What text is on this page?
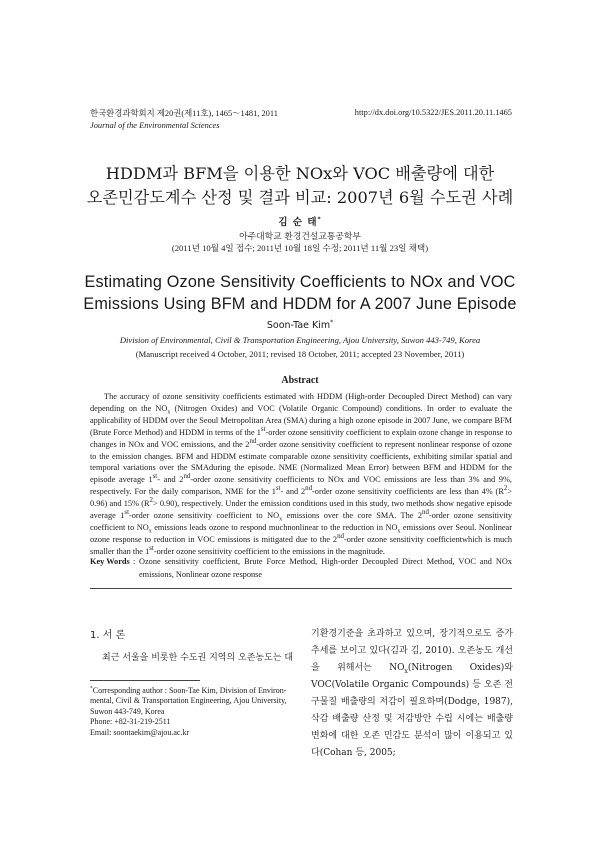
한국환경과학회지 제20권(제11호), 1465～1481, 2011
Journal of the Environmental Sciences
http://dx.doi.org/10.5322/JES.2011.20.11.1465
HDDM과 BFM을 이용한 NOx와 VOC 배출량에 대한
오존민감도계수 산정 및 결과 비교: 2007년 6월 수도권 사례
김 순 태*
아주대학교 환경건설교통공학부
(2011년 10월 4일 접수; 2011년 10월 18일 수정; 2011년 11월 23일 채택)
Estimating Ozone Sensitivity Coefficients to NOx and VOC
Emissions Using BFM and HDDM for A 2007 June Episode
Soon-Tae Kim*
Division of Environmental, Civil & Transportation Engineering, Ajou University, Suwon 443-749, Korea
(Manuscript received 4 October, 2011; revised 18 October, 2011; accepted 23 November, 2011)
Abstract
The accuracy of ozone sensitivity coefficients estimated with HDDM (High-order Decoupled Direct Method) can vary depending on the $NO_x$ (Nitrogen Oxides) and VOC (Volatile Organic Compound) conditions. In order to evaluate the applicability of HDDM over the Seoul Metropolitan Area (SMA) during a high ozone episode in 2007 June, we compare BFM (Brute Force Method) and HDDM in terms of the 1st-order ozone sensitivity coefficient to explain ozone change in response to changes in NOx and VOC emissions, and the 2nd-order ozone sensitivity coefficient to represent nonlinear response of ozone to the emission changes. BFM and HDDM estimate comparable ozone sensitivity coefficients, exhibiting similar spatial and temporal variations over the SMAduring the episode. NME (Normalized Mean Error) between BFM and HDDM for the episode average 1st- and 2nd-order ozone sensitivity coefficients to NOx and VOC emissions are less than 3% and 9%, respectively. For the daily comparison, NME for the 1st- and 2nd-order ozone sensitivity coefficients are less than 4% $(R^2> 0.96)$ and 15% $(R^2> 0.90)$, respectively. Under the emission conditions used in this study, two methods show negative episode average 1st-order ozone sensitivity coefficient to $NO_x$ emissions over the core SMA. The 2nd-order ozone sensitivity coefficient to $NO_x$ emissions leads ozone to respond muchnonlinear to the reduction in $NO_x$ emissions over Seoul. Nonlinear ozone response to reduction in VOC emissions is mitigated due to the 2nd-order ozone sensitivity coefficientwhich is much smaller than the 1st-order ozone sensitivity coefficient to the emissions in the magnitude.
Key Words : Ozone sensitivity coefficient, Brute Force Method, High-order Decoupled Direct Method, VOC and NOx emissions, Nonlinear ozone response
1. 서 론
최근 서울을 비롯한 수도권 지역의 오존농도는 대
*Corresponding author : Soon-Tae Kim, Division of Environ-mental, Civil & Transportation Engineering, Ajou University, Suwon 443-749, Korea
Phone: +82-31-219-2511
Email: soontaekim@ajou.ac.kr
기환경기준을 초과하고 있으며, 장기적으로도 증가추세를 보이고 있다(김과 김, 2010). 오존농도 개선을 위해서는 $NO_x(Nitrogen$ Oxides)와 VOC(Volatile Organic Compounds) 등 오존 전구물질 배출량의 저감이 필요하며(Dodge, 1987), 삭감 배출량 산정 및 저감방안 수립 시에는 배출량 변화에 대한 오존 민감도 분석이 많이 이용되고 있다(Cohan 등, 2005;
